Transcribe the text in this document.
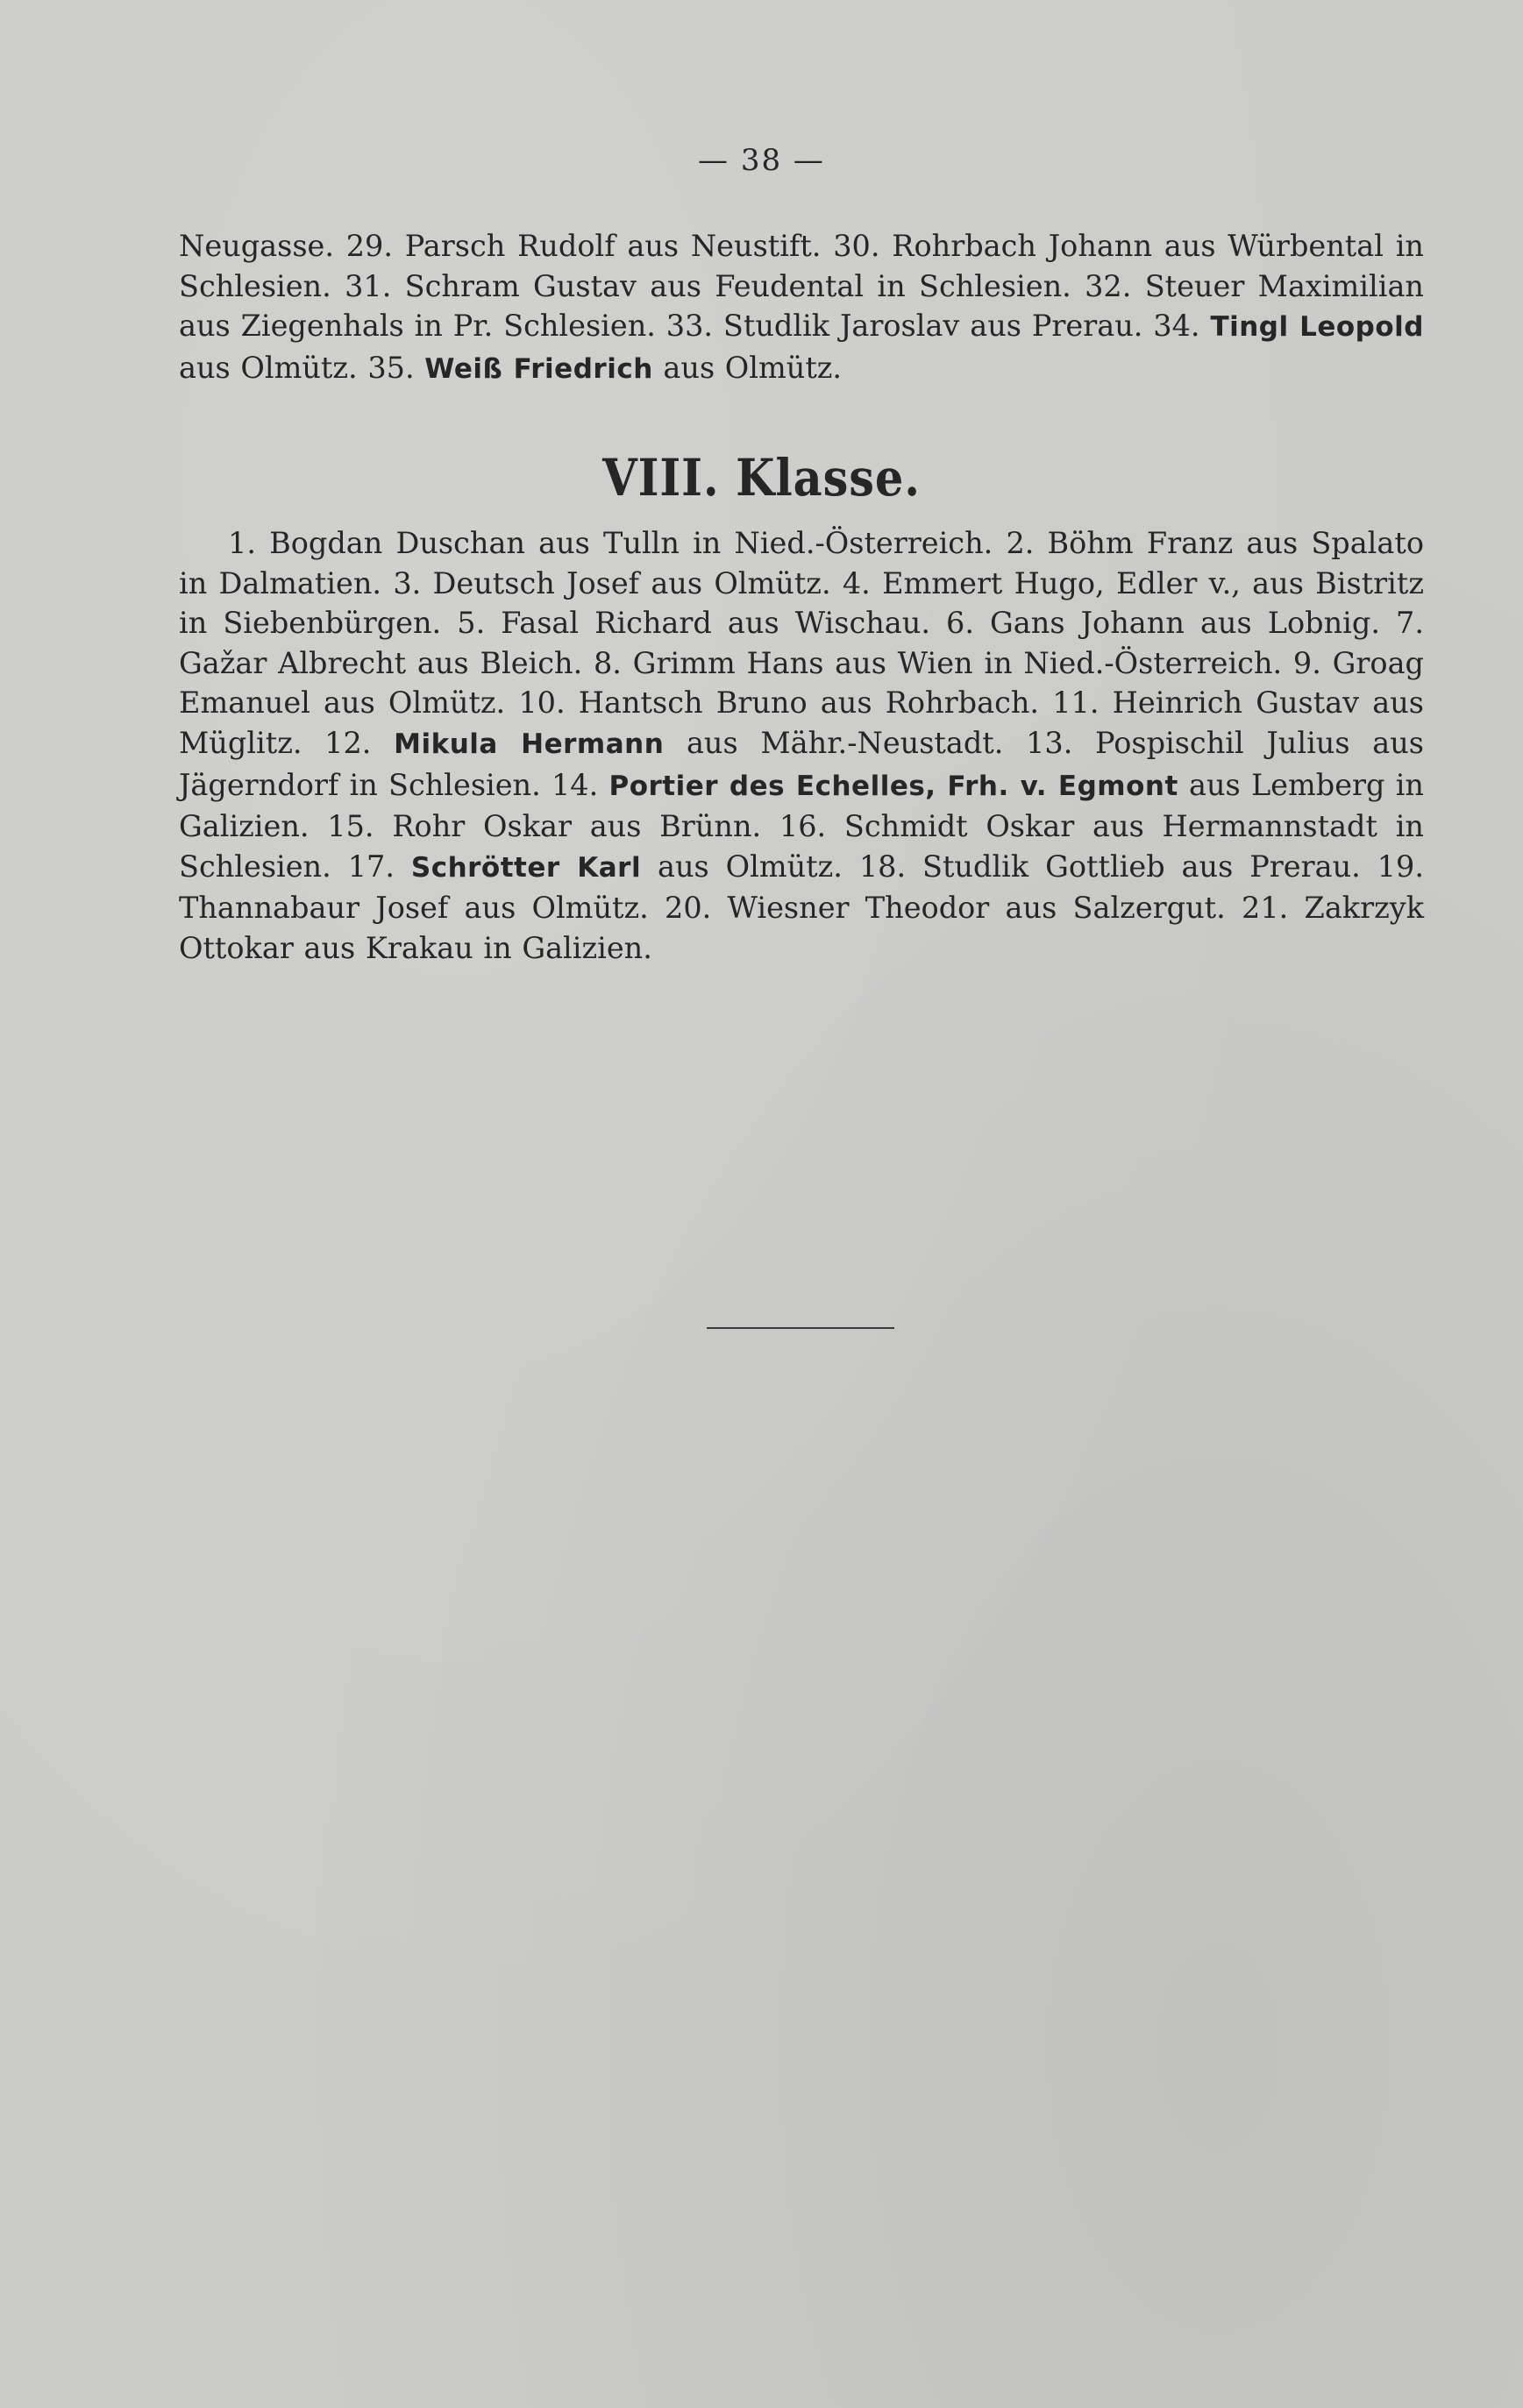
— 38 —

Neugasse. 29. Parsch Rudolf aus Neustift. 30. Rohrbach Johann aus Würbental in Schlesien. 31. Schram Gustav aus Feudental in Schlesien. 32. Steuer Maximilian aus Ziegenhals in Pr. Schlesien. 33. Studlik Jaroslav aus Prerau. 34. Tingl Leopold aus Olmütz. 35. Weiß Friedrich aus Olmütz.

VIII. Klasse.

1. Bogdan Duschan aus Tulln in Nied.-Österreich. 2. Böhm Franz aus Spalato in Dalmatien. 3. Deutsch Josef aus Olmütz. 4. Emmert Hugo, Edler v., aus Bistritz in Siebenbürgen. 5. Fasal Richard aus Wischau. 6. Gans Johann aus Lobnig. 7. Gažar Albrecht aus Bleich. 8. Grimm Hans aus Wien in Nied.-Österreich. 9. Groag Emanuel aus Olmütz. 10. Hantsch Bruno aus Rohrbach. 11. Heinrich Gustav aus Müglitz. 12. Mikula Hermann aus Mähr.-Neustadt. 13. Pospischil Julius aus Jägerndorf in Schlesien. 14. Portier des Echelles, Frh. v. Egmont aus Lemberg in Galizien. 15. Rohr Oskar aus Brünn. 16. Schmidt Oskar aus Hermannstadt in Schlesien. 17. Schrötter Karl aus Olmütz. 18. Studlik Gottlieb aus Prerau. 19. Thannabaur Josef aus Olmütz. 20. Wiesner Theodor aus Salzergut. 21. Zakrzyk Ottokar aus Krakau in Galizien.
